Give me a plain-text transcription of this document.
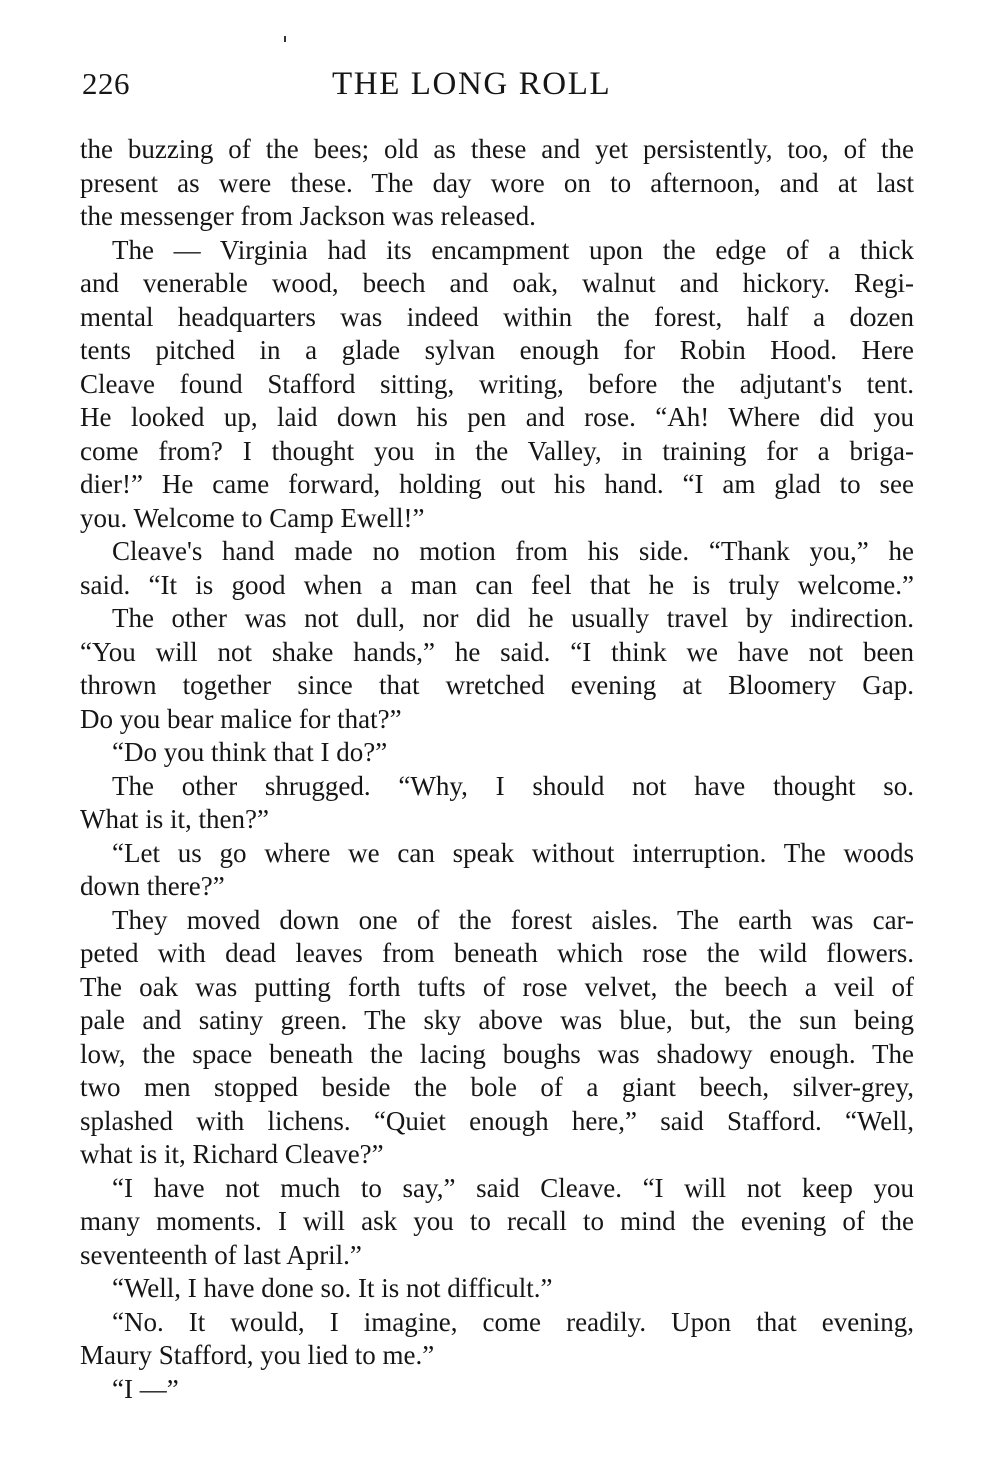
226	THE LONG ROLL
the buzzing of the bees; old as these and yet persistently, too, of the
present as were these. The day wore on to afternoon, and at last
the messenger from Jackson was released.
The — Virginia had its encampment upon the edge of a thick
and venerable wood, beech and oak, walnut and hickory. Regi-
mental headquarters was indeed within the forest, half a dozen
tents pitched in a glade sylvan enough for Robin Hood. Here
Cleave found Stafford sitting, writing, before the adjutant's tent.
He looked up, laid down his pen and rose. “Ah! Where did you
come from? I thought you in the Valley, in training for a briga-
dier!” He came forward, holding out his hand. “I am glad to see
you. Welcome to Camp Ewell!”
Cleave's hand made no motion from his side. “Thank you,” he
said. “It is good when a man can feel that he is truly welcome.”
The other was not dull, nor did he usually travel by indirection.
“You will not shake hands,” he said. “I think we have not been
thrown together since that wretched evening at Bloomery Gap.
Do you bear malice for that?”
“Do you think that I do?”
The other shrugged. “Why, I should not have thought so.
What is it, then?”
“Let us go where we can speak without interruption. The woods
down there?”
They moved down one of the forest aisles. The earth was car-
peted with dead leaves from beneath which rose the wild flowers.
The oak was putting forth tufts of rose velvet, the beech a veil of
pale and satiny green. The sky above was blue, but, the sun being
low, the space beneath the lacing boughs was shadowy enough. The
two men stopped beside the bole of a giant beech, silver-grey,
splashed with lichens. “Quiet enough here,” said Stafford. “Well,
what is it, Richard Cleave?”
“I have not much to say,” said Cleave. “I will not keep you
many moments. I will ask you to recall to mind the evening of the
seventeenth of last April.”
“Well, I have done so. It is not difficult.”
“No. It would, I imagine, come readily. Upon that evening,
Maury Stafford, you lied to me.”
“I —”
